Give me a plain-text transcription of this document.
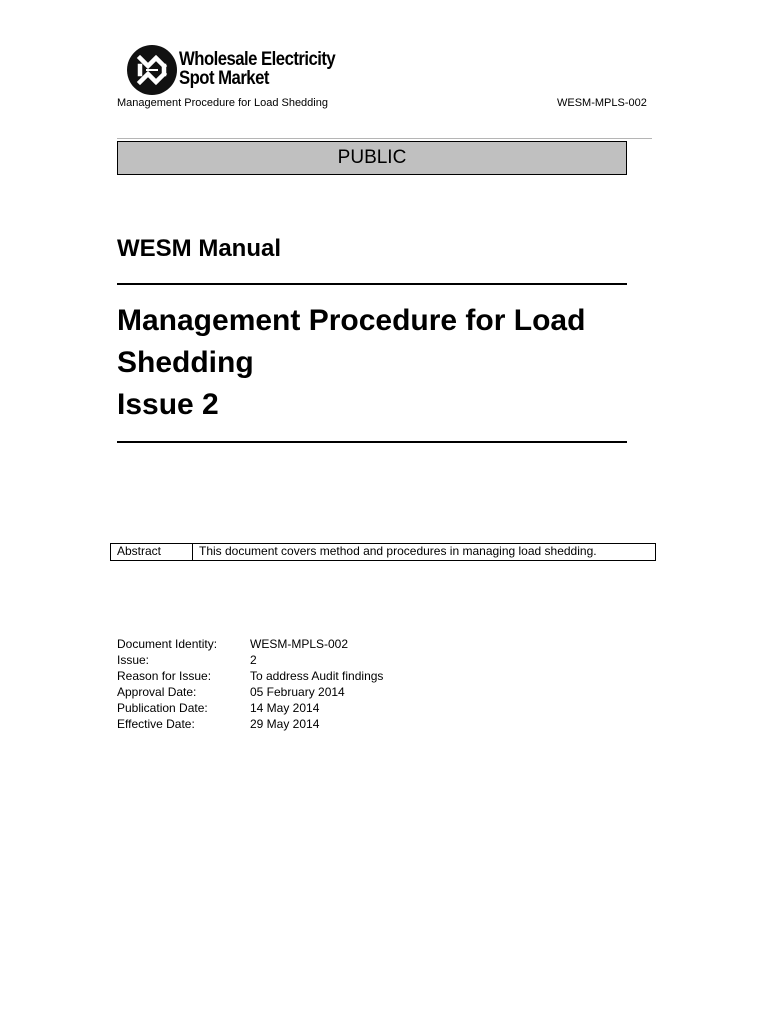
Wholesale Electricity
Spot Market
Management Procedure for Load Shedding	WESM-MPLS-002
PUBLIC
WESM Manual
Management Procedure for Load
Shedding
Issue 2
Abstract	This document covers method and procedures in managing load shedding.
Document Identity:	WESM-MPLS-002
Issue:	2
Reason for Issue:	To address Audit findings
Approval Date:	05 February 2014
Publication Date:	14 May 2014
Effective Date:	29 May 2014
